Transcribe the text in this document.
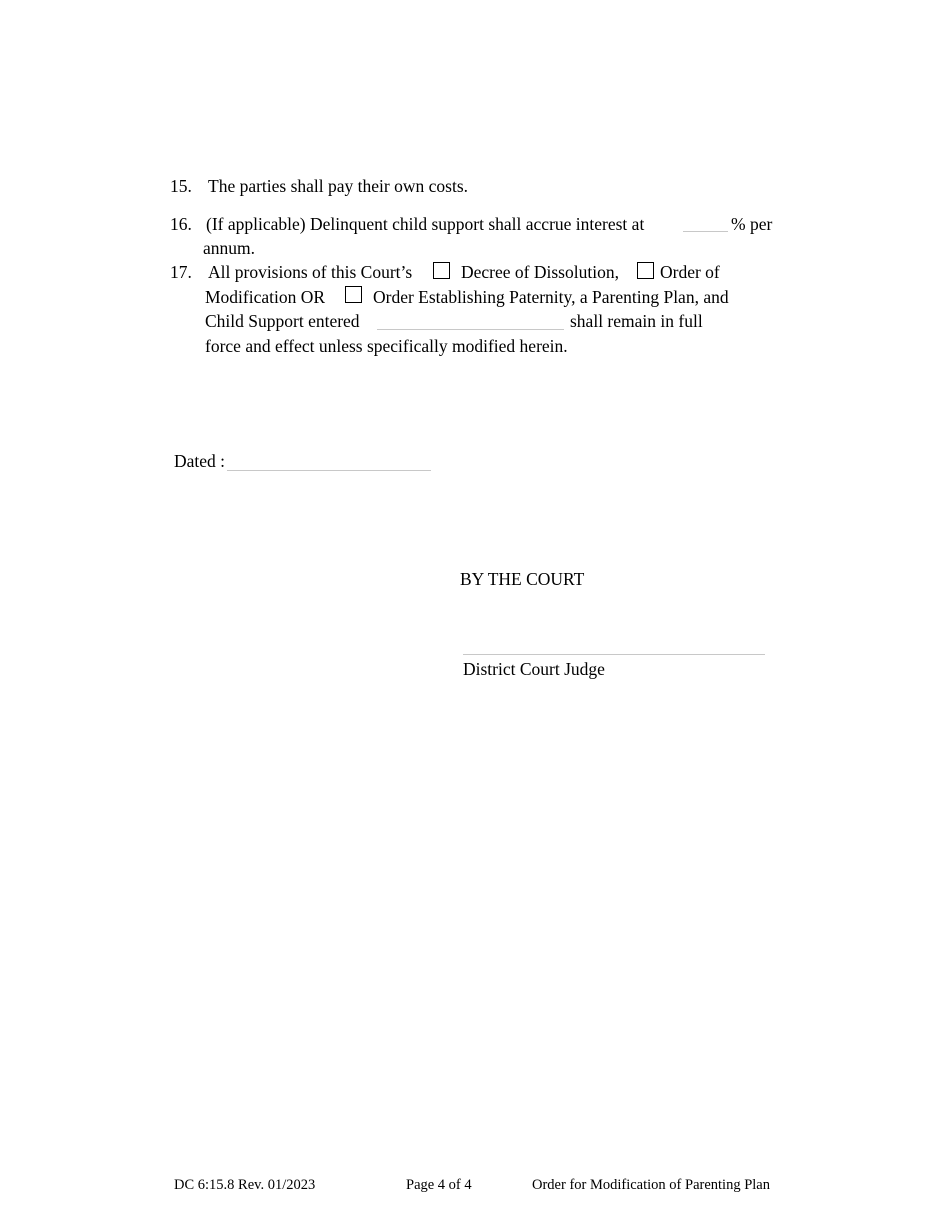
15. The parties shall pay their own costs.
16. (If applicable) Delinquent child support shall accrue interest at	% per
annum.
17. All provisions of this Court’s	Decree of Dissolution, Order of
Modification OR	Order Establishing Paternity, a Parenting Plan, and
Child Support entered	shall remain in full
force and effect unless specifically modified herein.
Dated :
BY THE COURT
District Court Judge
DC 6:15.8 Rev. 01/2023	Page 4 of 4	Order for Modification of Parenting Plan
